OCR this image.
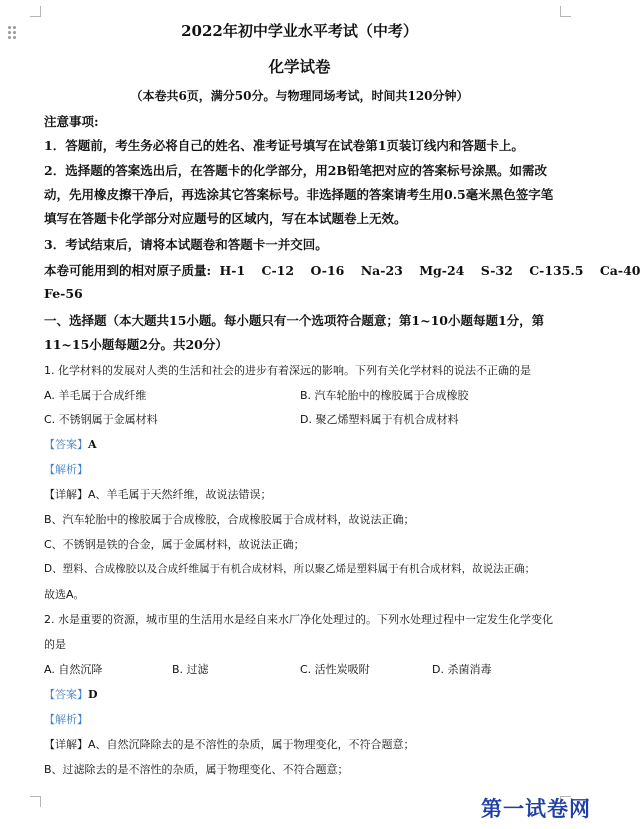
2022年初中学业水平考试（中考）
化学试卷
（本卷共6页，满分50分。与物理同场考试，时间共120分钟）
注意事项:
1．答题前，考生务必将自己的姓名、准考证号填写在试卷第1页装订线内和答题卡上。
2．选择题的答案选出后，在答题卡的化学部分，用2B铅笔把对应的答案标号涂黑。如需改
动，先用橡皮擦干净后，再选涂其它答案标号。非选择题的答案请考生用0.5毫米黑色签字笔
填写在答题卡化学部分对应题号的区域内，写在本试题卷上无效。
3．考试结束后，请将本试题卷和答题卡一并交回。
本卷可能用到的相对原子质量: H-1 C-12 O-16 Na-23 Mg-24 S-32 C-135.5 Ca-40
Fe-56
一、选择题（本大题共15小题。每小题只有一个选项符合题意；第1~10小题每题1分，第
11~15小题每题2分。共20分）
1. 化学材料的发展对人类的生活和社会的进步有着深远的影响。下列有关化学材料的说法不正确的是
A. 羊毛属于合成纤维	B. 汽车轮胎中的橡胶属于合成橡胶
C. 不锈钢属于金属材料	D. 聚乙烯塑料属于有机合成材料
【答案】A
【解析】
【详解】A、羊毛属于天然纤维，故说法错误；
B、汽车轮胎中的橡胶属于合成橡胶，合成橡胶属于合成材料，故说法正确；
C、不锈钢是铁的合金，属于金属材料，故说法正确；
D、塑料、合成橡胶以及合成纤维属于有机合成材料，所以聚乙烯是塑料属于有机合成材料，故说法正确；
故选A。
2. 水是重要的资源，城市里的生活用水是经自来水厂净化处理过的。下列水处理过程中一定发生化学变化
的是
A. 自然沉降	B. 过滤	C. 活性炭吸附	D. 杀菌消毒
【答案】D
【解析】
【详解】A、自然沉降除去的是不溶性的杂质，属于物理变化，不符合题意；
B、过滤除去的是不溶性的杂质，属于物理变化、不符合题意；
第一试卷网
